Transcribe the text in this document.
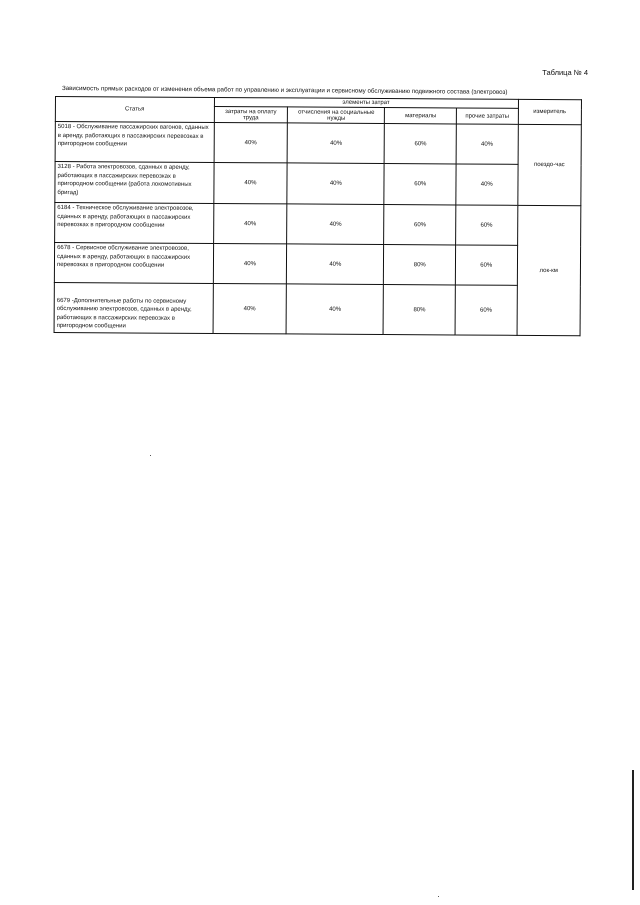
Таблица № 4
Зависимость прямых расходов от изменения объема работ по управлению и эксплуатации и сервисному обслуживанию подвижного состава (электровоз)
Статья	элементы затрат				измеритель
	затраты на оплату труда	отчисления на социальные нужды	материалы	прочие затраты	
5018 - Обслуживание пассажирских вагонов, сданных в аренду, работающих в пассажирских перевозках в пригородном сообщении	40%	40%	60%	40%	поездо-час
3128 - Работа электровозов, сданных в аренду, работающих в пассажирских перевозках в пригородном сообщении (работа локомотивных бригад)	40%	40%	60%	40%	
6184 - Техническое обслуживание электровозов, сданных в аренду, работающих в пассажирских перевозках в пригородном сообщении	40%	40%	60%	60%	лок-км
6678 - Сервисное обслуживание электровозов, сданных в аренду, работающих в пассажирских перевозках в пригородном сообщении	40%	40%	80%	60%	
6679 -Дополнительные работы по сервисному обслуживанию электровозов, сданных в аренду, работающих в пассажирских перевозках в пригородном сообщении	40%	40%	80%	60%	
